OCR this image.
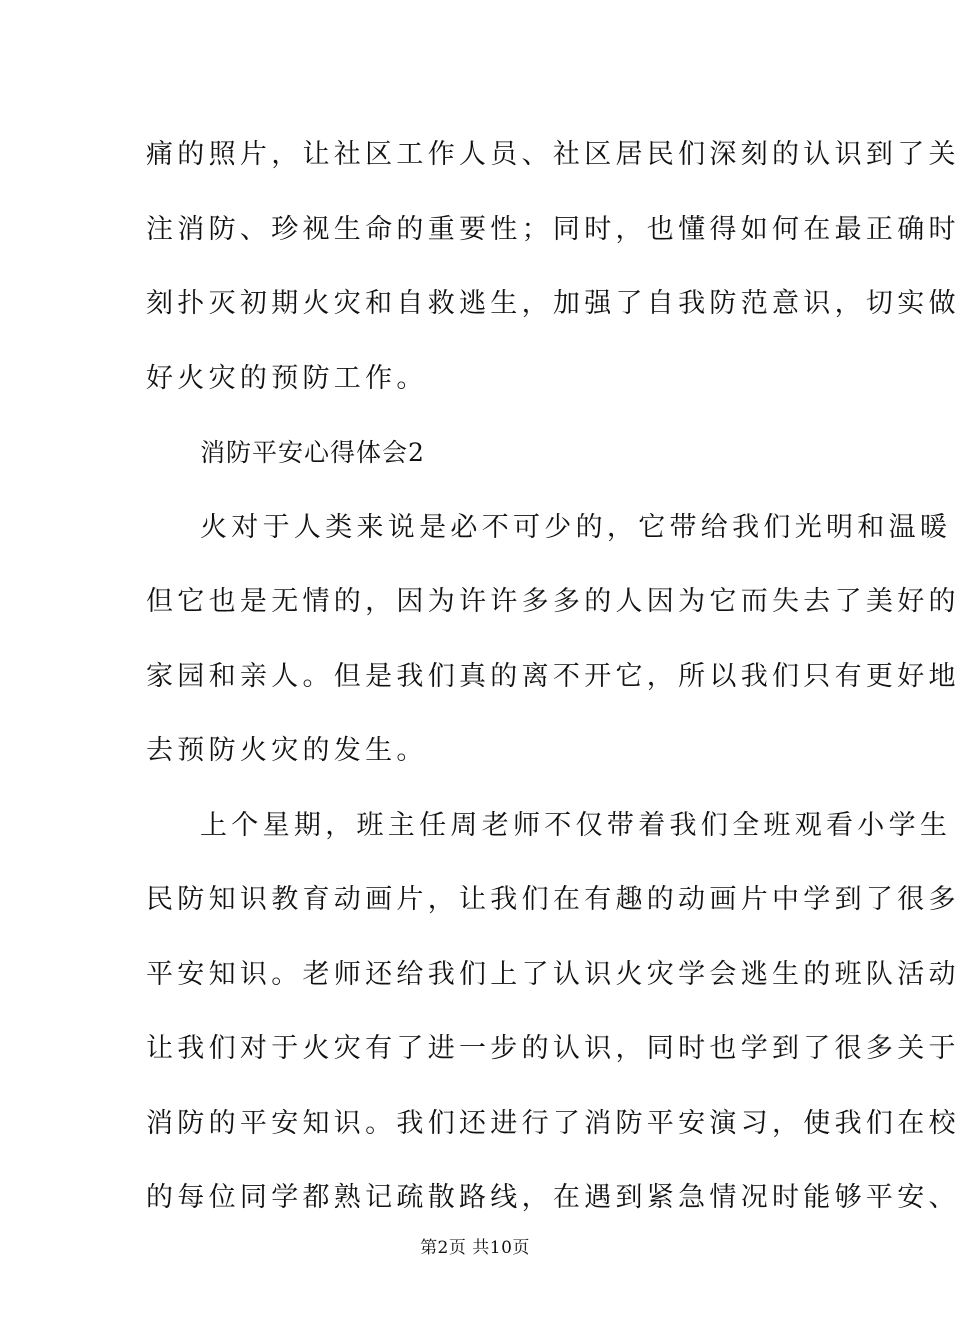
痛的照片，让社区工作人员、社区居民们深刻的认识到了关
注消防、珍视生命的重要性；同时，也懂得如何在最正确时
刻扑灭初期火灾和自救逃生，加强了自我防范意识，切实做
好火灾的预防工作。
消防平安心得体会2
火对于人类来说是必不可少的，它带给我们光明和温暖
但它也是无情的，因为许许多多的人因为它而失去了美好的
家园和亲人。但是我们真的离不开它，所以我们只有更好地
去预防火灾的发生。
上个星期，班主任周老师不仅带着我们全班观看小学生
民防知识教育动画片，让我们在有趣的动画片中学到了很多
平安知识。老师还给我们上了认识火灾学会逃生的班队活动
让我们对于火灾有了进一步的认识，同时也学到了很多关于
消防的平安知识。我们还进行了消防平安演习，使我们在校
的每位同学都熟记疏散路线，在遇到紧急情况时能够平安、
第2页 共10页
